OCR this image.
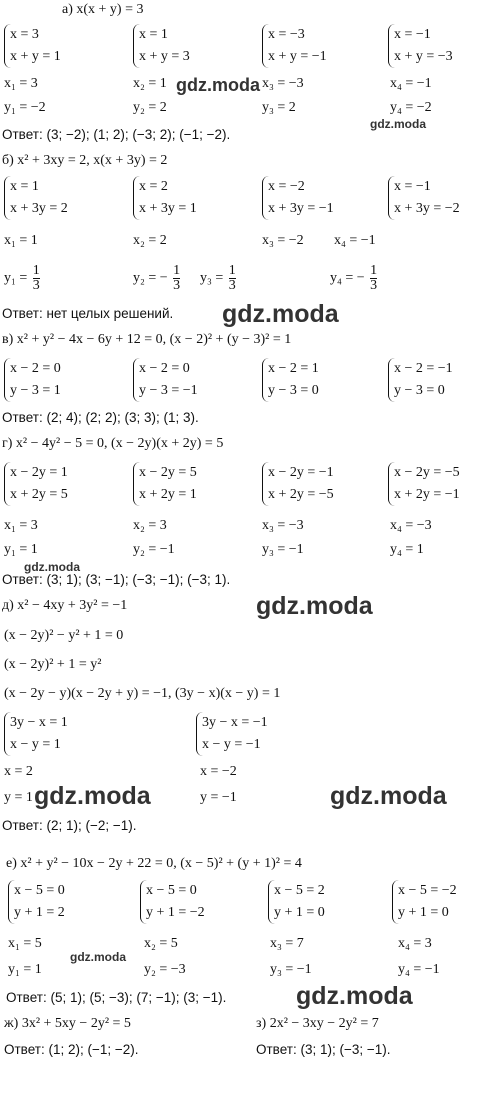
а) x(x + y) = 3
x = 3
x + y = 1
x = 1
x + y = 3
x = −3
x + y = −1
x = −1
x + y = −3
x₁ = 3	x₂ = 1	x₃ = −3	x₄ = −1
y₁ = −2	y₂ = 2	y₃ = 2	y₄ = −2
Ответ: (3; −2); (1; 2); (−3; 2); (−1; −2).
gdz.moda
gdz.moda
б) x² + 3xy = 2, x(x + 3y) = 2
x = 1
x + 3y = 2
x = 2
x + 3y = 1
x = −2
x + 3y = −1
x = −1
x + 3y = −2
x₁ = 1	x₂ = 2	x₃ = −2 x₄ = −1
$y_1 = \frac{1}{3}$	y₂ = − $\frac{1}{3} y_3 = \frac{1}{3}$	y₄ = − $\frac{1}{3}$
Ответ: нет целых решений. gdz.moda
в) x² + y² − 4x − 6y + 12 = 0, (x − 2)² + (y − 3)² = 1
x − 2 = 0
y − 3 = 1
x − 2 = 0
y − 3 = −1
x − 2 = 1
y − 3 = 0
x − 2 = −1
y − 3 = 0
Ответ: (2; 4); (2; 2); (3; 3); (1; 3).
г) x² − 4y² − 5 = 0, (x − 2y)(x + 2y) = 5
x − 2y = 1
x + 2y = 5
x − 2y = 5
x + 2y = 1
x − 2y = −1
x + 2y = −5
x − 2y = −5
x + 2y = −1
x₁ = 3	x₂ = 3	x₃ = −3	x₄ = −3
y₁ = 1	y₂ = −1	y₃ = −1	y₄ = 1
gdz.moda
Ответ: (3; 1); (3; −1); (−3; −1); (−3; 1).
д) x² − 4xy + 3y² = −1	gdz.moda
(x − 2y)² − y² + 1 = 0
(x − 2y)² + 1 = y²
(x − 2y − y)(x − 2y + y) = −1, (3y − x)(x − y) = 1
3y − x = 1
x − y = 1
3y − x = −1
x − y = −1
x = 2	x = −2
y = 1	y = −1
gdz.moda	gdz.moda
Ответ: (2; 1); (−2; −1).
е) x² + y² − 10x − 2y + 22 = 0, (x − 5)² + (y + 1)² = 4
x − 5 = 0
y + 1 = 2
x − 5 = 0
y + 1 = −2
x − 5 = 2
y + 1 = 0
x − 5 = −2
y + 1 = 0
x₁ = 5	x₂ = 5	x₃ = 7	x₄ = 3
y₁ = 1	y₂ = −3	y₃ = −1	y₄ = −1
gdz.moda
Ответ: (5; 1); (5; −3); (7; −1); (3; −1).	gdz.moda
ж) 3x² + 5xy − 2y² = 5	з) 2x² − 3xy − 2y² = 7
Ответ: (1; 2); (−1; −2).	Ответ: (3; 1); (−3; −1).
